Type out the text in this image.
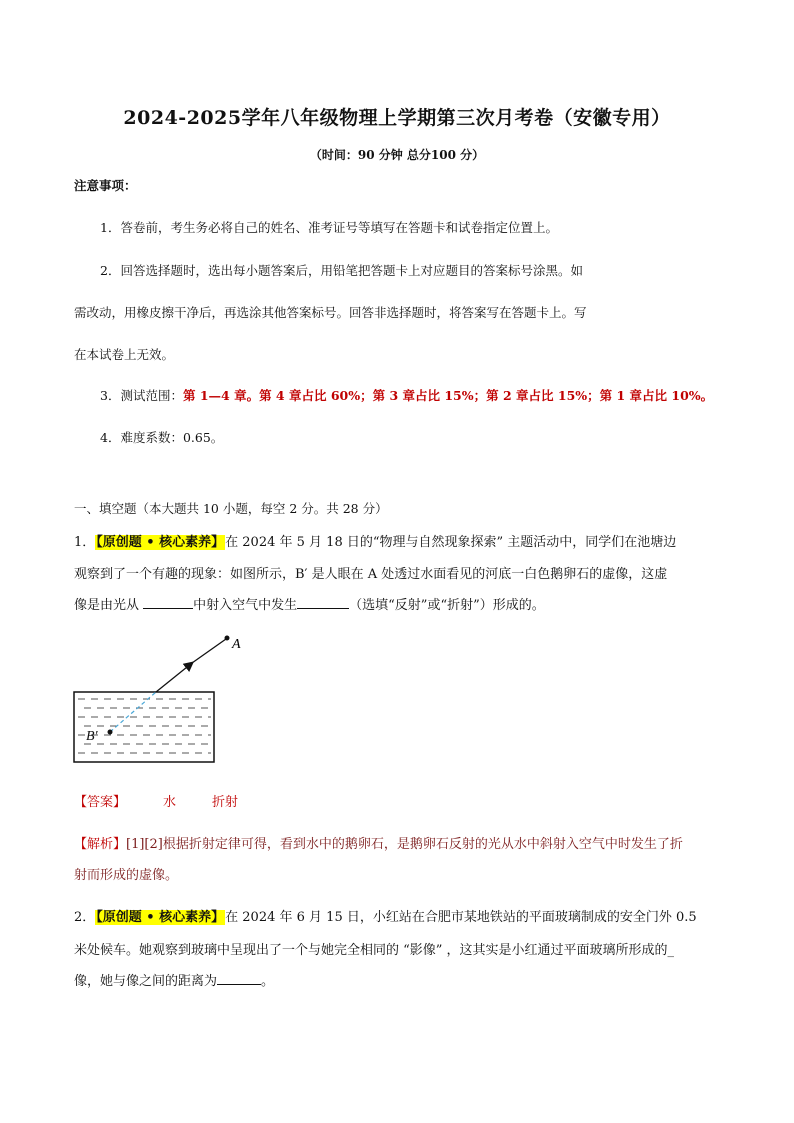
2024-2025学年八年级物理上学期第三次月考卷（安徽专用）
（时间：90 分钟 总分100 分）
注意事项：
1．答卷前，考生务必将自己的姓名、准考证号等填写在答题卡和试卷指定位置上。
2．回答选择题时，选出每小题答案后，用铅笔把答题卡上对应题目的答案标号涂黑。如
需改动，用橡皮擦干净后，再选涂其他答案标号。回答非选择题时，将答案写在答题卡上。写
在本试卷上无效。
3．测试范围：第 1—4 章。第 4 章占比 60%；第 3 章占比 15%；第 2 章占比 15%；第 1 章占比 10%。
4．难度系数：0.65。
一、填空题（本大题共 10 小题，每空 2 分。共 28 分）
1．【原创题 • 核心素养】在 2024 年 5 月 18 日的“物理与自然现象探索” 主题活动中，同学们在池塘边
观察到了一个有趣的现象：如图所示，B′ 是人眼在 A 处透过水面看见的河底一白色鹅卵石的虚像，这虚
像是由光从	中射入空气中发生	（选填“反射”或“折射”）形成的。
A
B′
【答案】	水	折射
【解析】[1][2]根据折射定律可得，看到水中的鹅卵石，是鹅卵石反射的光从水中斜射入空气中时发生了折
射而形成的虚像。
2．【原创题 • 核心素养】在 2024 年 6 月 15 日，小红站在合肥市某地铁站的平面玻璃制成的安全门外 0.5
米处候车。她观察到玻璃中呈现出了一个与她完全相同的 “影像” ，这其实是小红通过平面玻璃所形成的_
像，她与像之间的距离为	。
